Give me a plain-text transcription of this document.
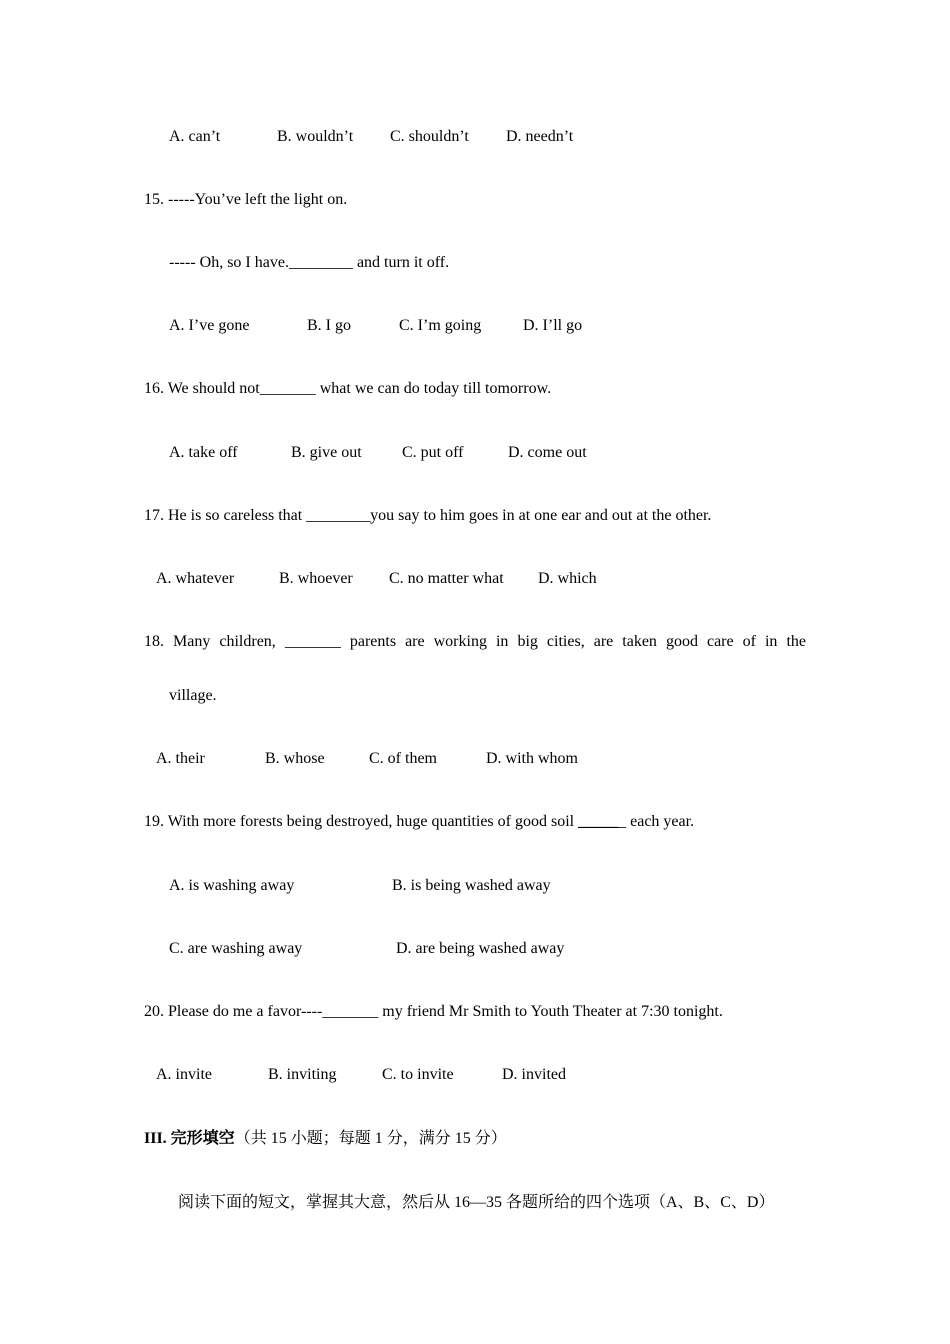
A. can’t	B. wouldn’t C. shouldn’t D. needn’t
15. -----You’ve left the light on.
----- Oh, so I have.________ and turn it off.
A. I’ve gone	B. I go	C. I’m going	D. I’ll go
16. We should not_______ what we can do today till tomorrow.
A. take off	B. give out	C. put off	D. come out
17. He is so careless that ________you say to him goes in at one ear and out at the other.
A. whatever	B. whoever C. no matter what D. which
18. Many children, _______ parents are working in big cities, are taken good care of in the
village.
A. their	B. whose	C. of them	D. with whom
19. With more forests being destroyed, huge quantities of good soil ______ each year.
A. is washing away	B. is being washed away
C. are washing away	D. are being washed away
20. Please do me a favor----_______ my friend Mr Smith to Youth Theater at 7:30 tonight.
A. invite	B. inviting	C. to invite	D. invited
III. 完形填空（共 15 小题；每题 1 分，满分 15 分）
阅读下面的短文，掌握其大意，然后从 16—35 各题所给的四个选项（A、B、C、D）
